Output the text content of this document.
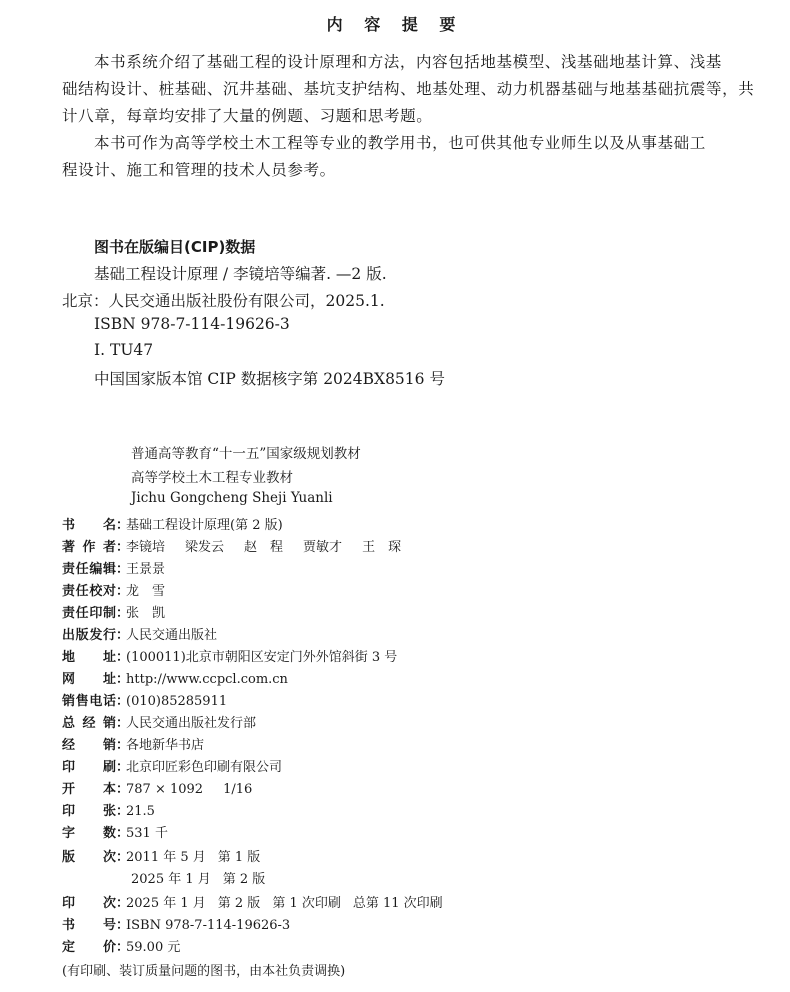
内 容 提 要
本书系统介绍了基础工程的设计原理和方法，内容包括地基模型、浅基础地基计算、浅基
础结构设计、桩基础、沉井基础、基坑支护结构、地基处理、动力机器基础与地基基础抗震等，共
计八章，每章均安排了大量的例题、习题和思考题。
本书可作为高等学校土木工程等专业的教学用书，也可供其他专业师生以及从事基础工
程设计、施工和管理的技术人员参考。
图书在版编目(CIP)数据
基础工程设计原理 / 李镜培等编著. —2 版.
北京：人民交通出版社股份有限公司，2025.1.
ISBN 978-7-114-19626-3
Ⅰ. TU47
中国国家版本馆 CIP 数据核字第 2024BX8516 号
普通高等教育“十一五”国家级规划教材
高等学校土木工程专业教材
Jichu Gongcheng Sheji Yuanli
书名 ：
基础工程设计原理(第 2 版)
著作者 ：
李镜培 梁发云 赵　程 贾敏才 王　琛
责任编辑 ：
王景景
责任校对 ：
龙　雪
责任印制 ：
张　凯
出版发行 ：
人民交通出版社
地址 ：
(100011)北京市朝阳区安定门外外馆斜街 3 号
网址 ：
http://www.ccpcl.com.cn
销售电话 ：
(010)85285911
总经销 ：
人民交通出版社发行部
经销 ：
各地新华书店
印刷 ：
北京印匠彩色印刷有限公司
开本 ：
787 × 1092 1/16
印张 ：
21.5
字数 ：
531 千
版次 ：
2011 年 5 月 第 1 版
2025 年 1 月 第 2 版
印次 ：
2025 年 1 月 第 2 版 第 1 次印刷 总第 11 次印刷
书号 ：
ISBN 978-7-114-19626-3
定价 ：
59.00 元
(有印刷、装订质量问题的图书，由本社负责调换)
